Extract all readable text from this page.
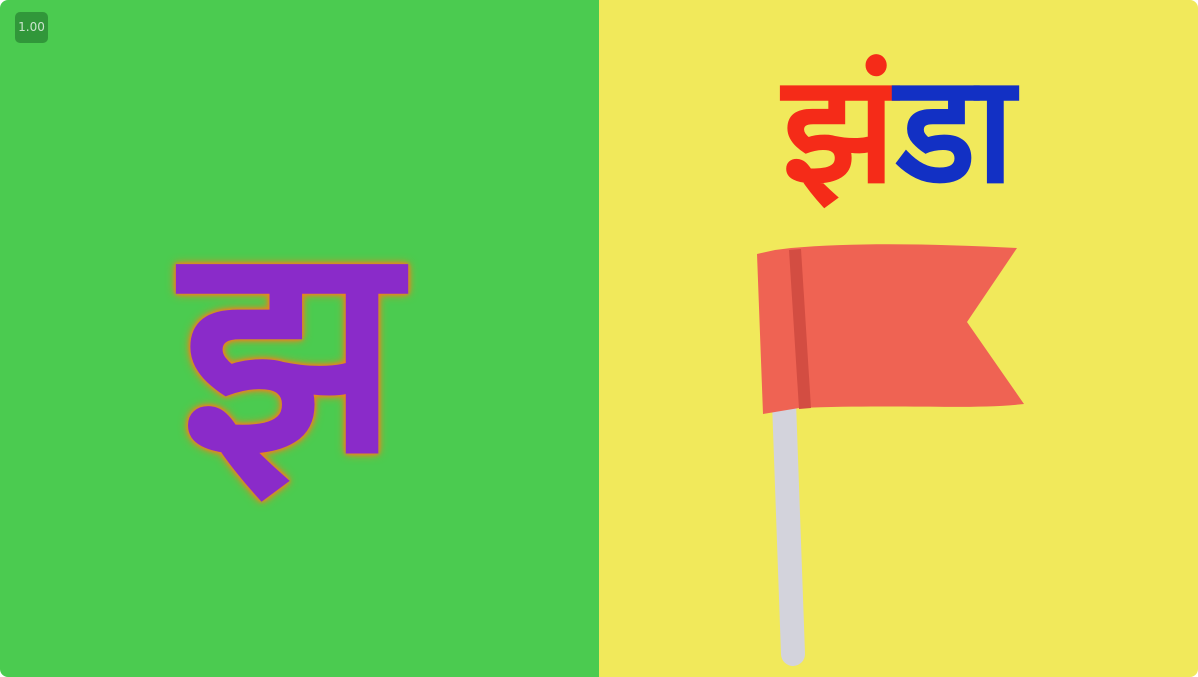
1.00
झ
झंडा
